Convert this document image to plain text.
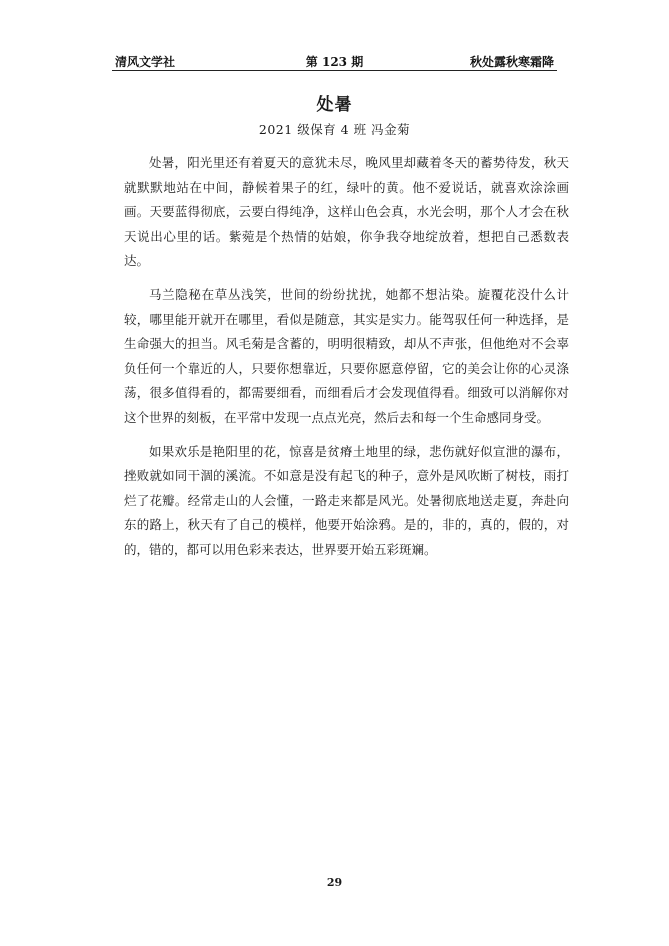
清风文学社	第 123 期	秋处露秋寒霜降
处暑
2021 级保育 4 班 冯金菊

处暑，阳光里还有着夏天的意犹未尽，晚风里却藏着冬天的蓄势待发，秋天就默默地站在中间，静候着果子的红，绿叶的黄。他不爱说话，就喜欢涂涂画画。天要蓝得彻底，云要白得纯净，这样山色会真，水光会明，那个人才会在秋天说出心里的话。紫菀是个热情的姑娘，你争我夺地绽放着，想把自己悉数表达。

马兰隐秘在草丛浅笑，世间的纷纷扰扰，她都不想沾染。旋覆花没什么计较，哪里能开就开在哪里，看似是随意，其实是实力。能驾驭任何一种选择，是生命强大的担当。风毛菊是含蓄的，明明很精致，却从不声张，但他绝对不会辜负任何一个靠近的人，只要你想靠近，只要你愿意停留，它的美会让你的心灵涤荡，很多值得看的，都需要细看，而细看后才会发现值得看。细致可以消解你对这个世界的刻板，在平常中发现一点点光亮，然后去和每一个生命感同身受。

如果欢乐是艳阳里的花，惊喜是贫瘠土地里的绿，悲伤就好似宣泄的瀑布，挫败就如同干涸的溪流。不如意是没有起飞的种子，意外是风吹断了树枝，雨打烂了花瓣。经常走山的人会懂，一路走来都是风光。处暑彻底地送走夏，奔赴向东的路上，秋天有了自己的模样，他要开始涂鸦。是的，非的，真的，假的，对的，错的，都可以用色彩来表达，世界要开始五彩斑斓。

29
